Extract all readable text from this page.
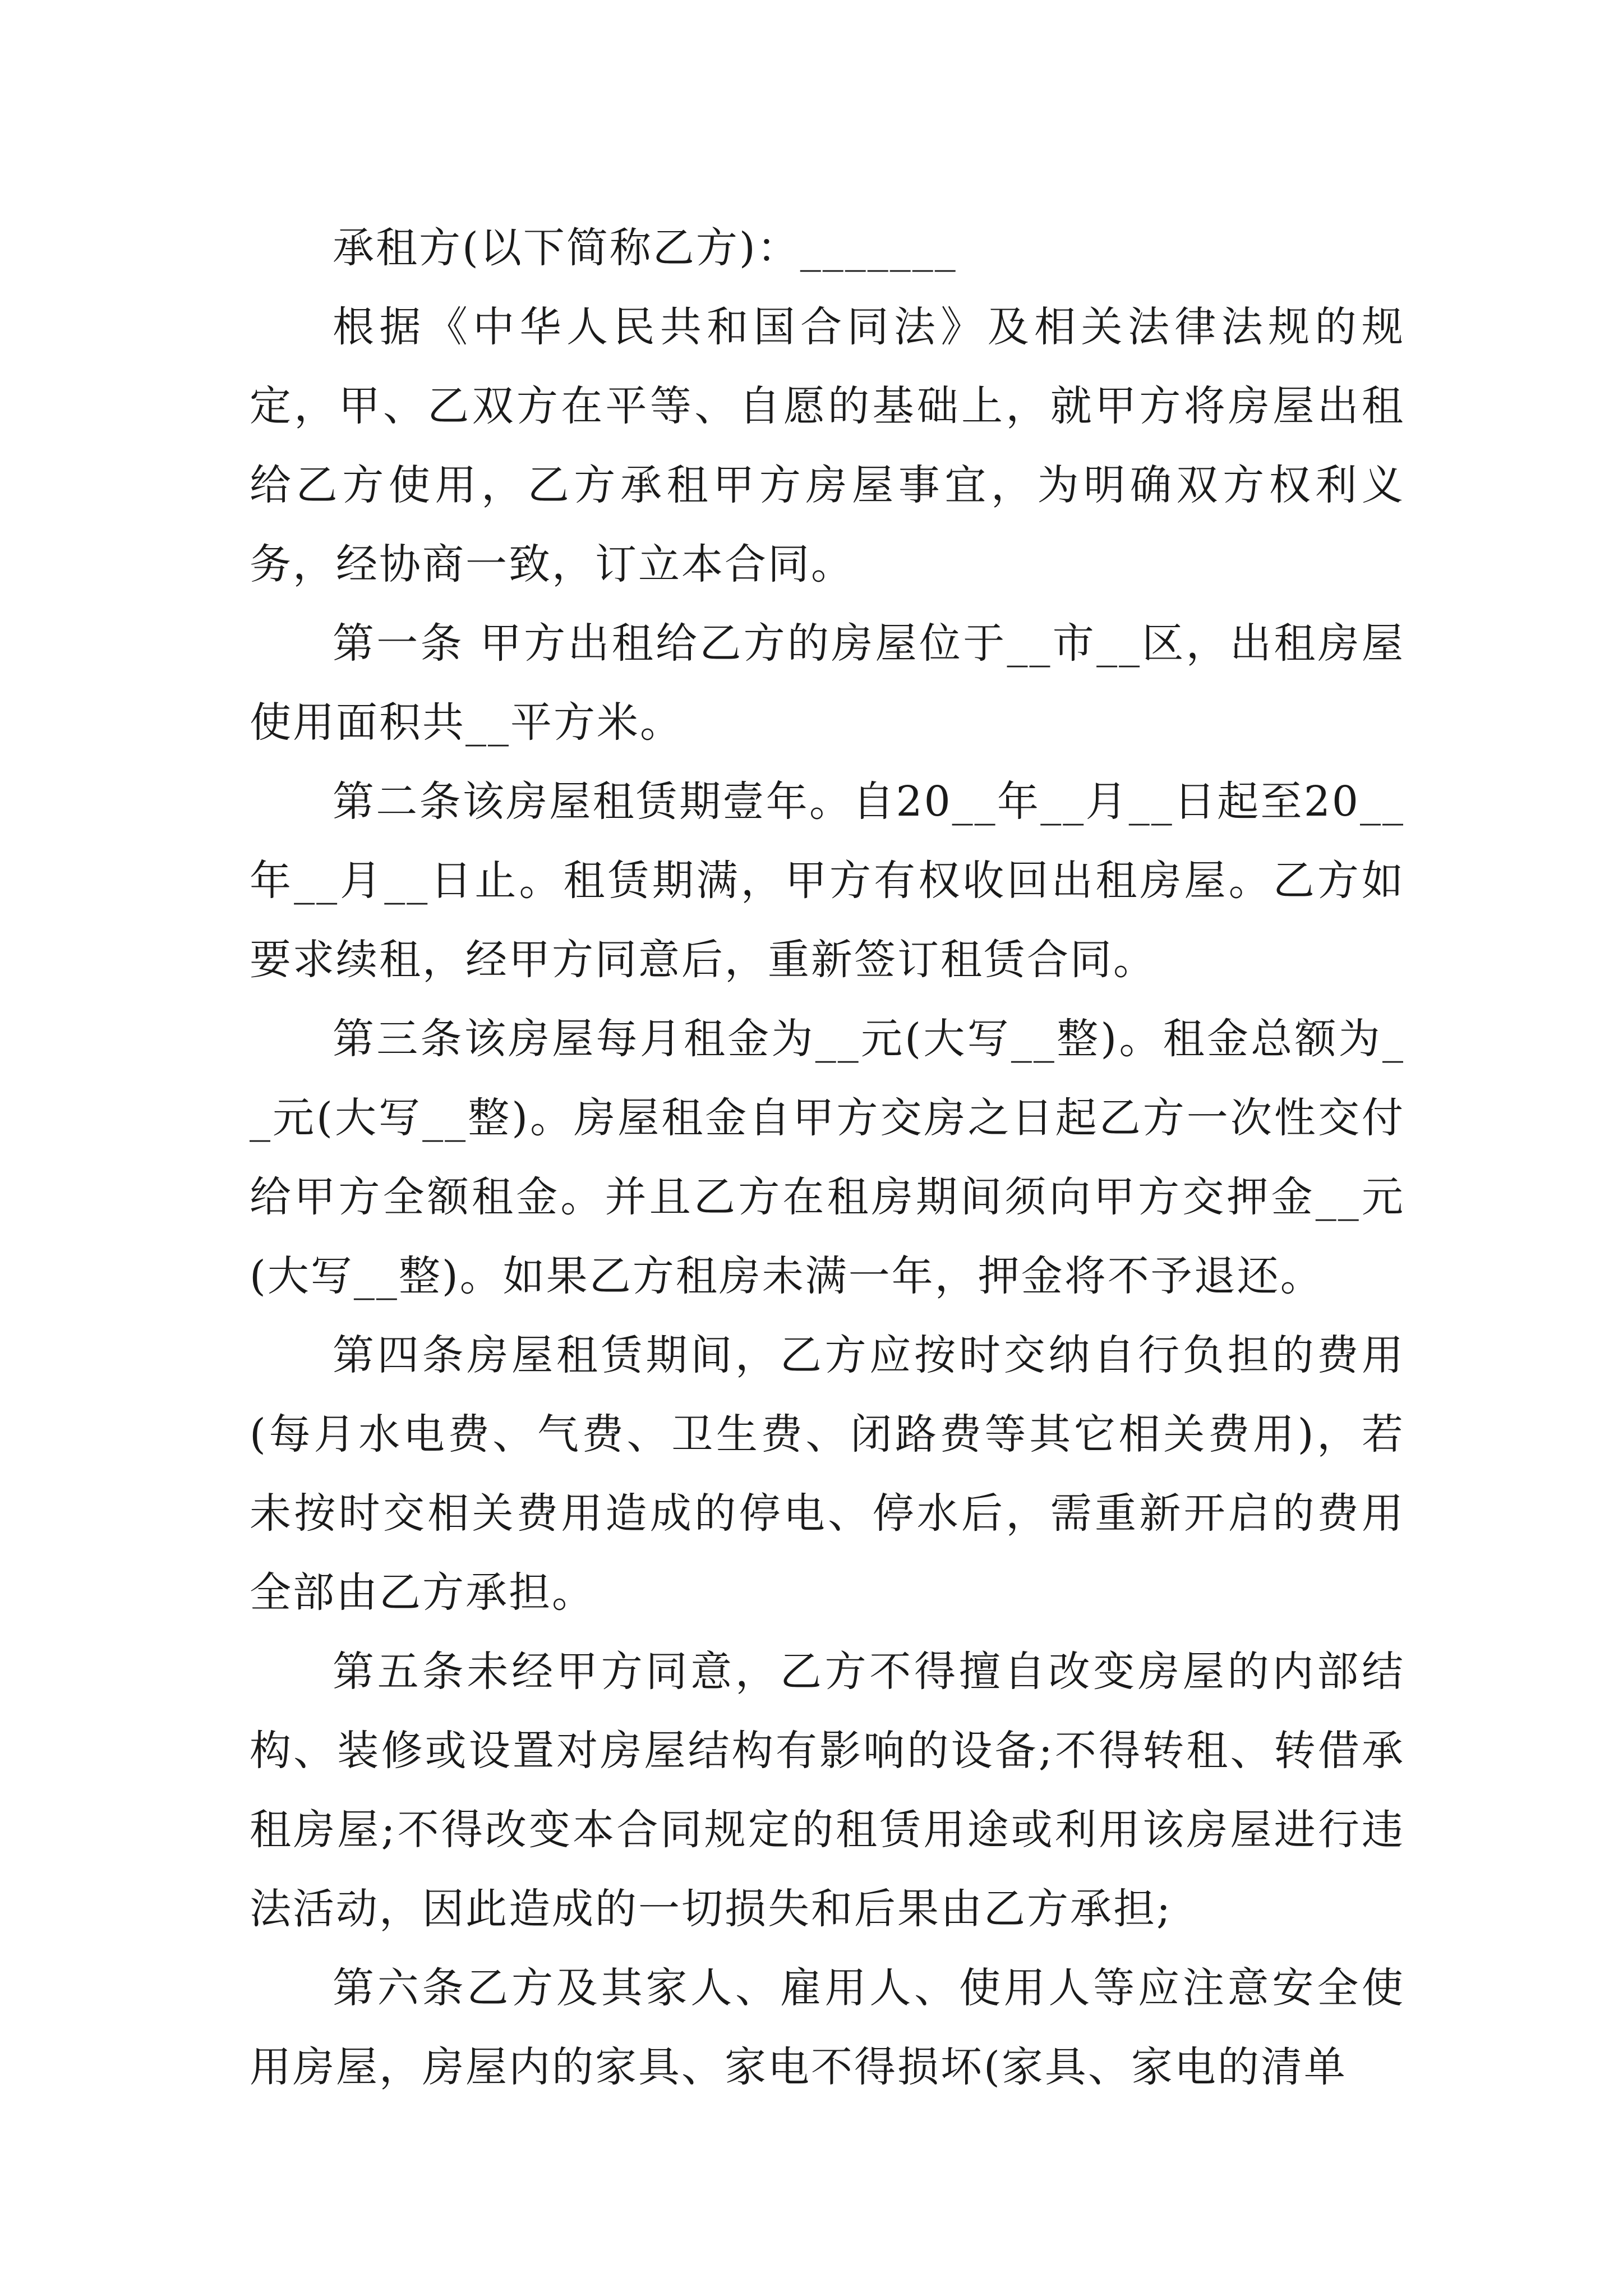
承租方(以下简称乙方)：_______

根据《中华人民共和国合同法》及相关法律法规的规定，甲、乙双方在平等、自愿的基础上，就甲方将房屋出租给乙方使用，乙方承租甲方房屋事宜，为明确双方权利义务，经协商一致，订立本合同。

第一条 甲方出租给乙方的房屋位于__市__区，出租房屋使用面积共__平方米。

第二条该房屋租赁期壹年。自20__年__月__日起至20__年__月__日止。租赁期满，甲方有权收回出租房屋。乙方如要求续租，经甲方同意后，重新签订租赁合同。

第三条该房屋每月租金为__元(大写__整)。租金总额为__元(大写__整)。房屋租金自甲方交房之日起乙方一次性交付给甲方全额租金。并且乙方在租房期间须向甲方交押金__元(大写__整)。如果乙方租房未满一年，押金将不予退还。

第四条房屋租赁期间，乙方应按时交纳自行负担的费用(每月水电费、气费、卫生费、闭路费等其它相关费用)，若未按时交相关费用造成的停电、停水后，需重新开启的费用全部由乙方承担。

第五条未经甲方同意，乙方不得擅自改变房屋的内部结构、装修或设置对房屋结构有影响的设备;不得转租、转借承租房屋;不得改变本合同规定的租赁用途或利用该房屋进行违法活动，因此造成的一切损失和后果由乙方承担;

第六条乙方及其家人、雇用人、使用人等应注意安全使用房屋，房屋内的家具、家电不得损坏(家具、家电的清单
